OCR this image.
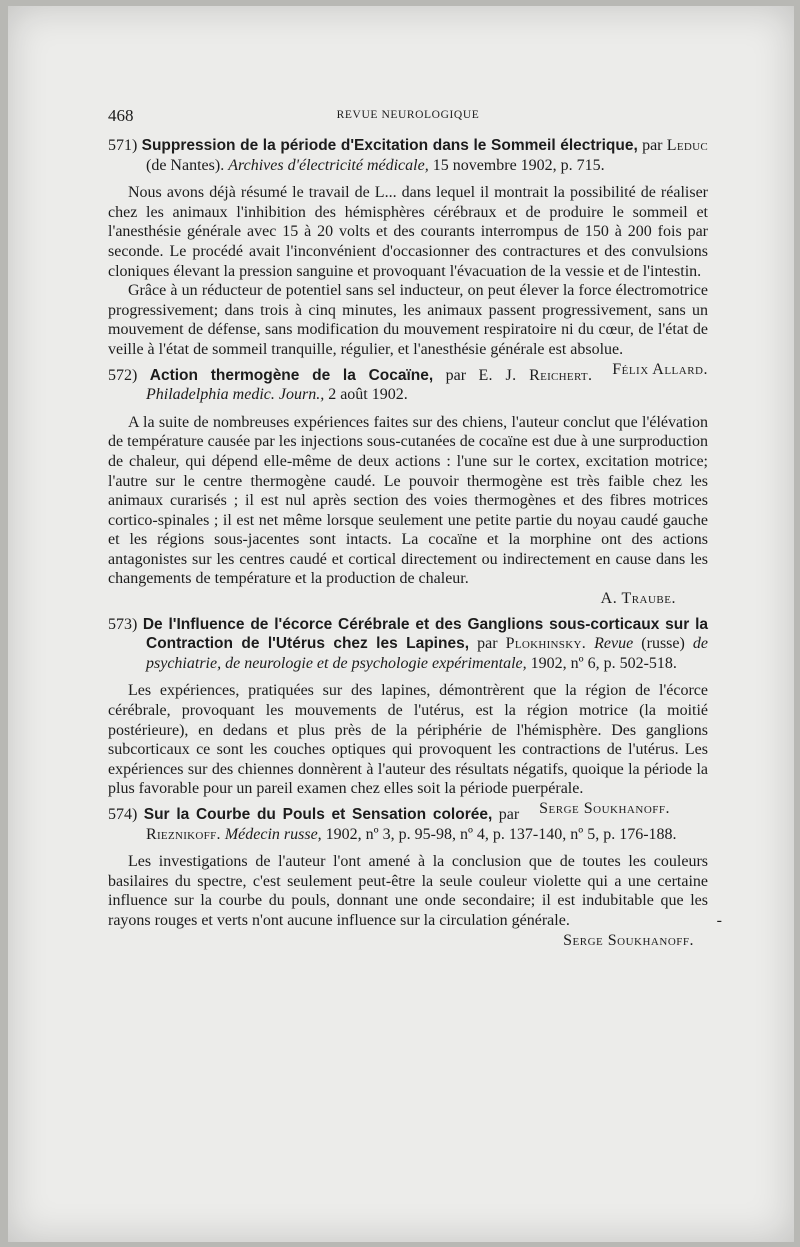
468	REVUE NEUROLOGIQUE

571) Suppression de la période d'Excitation dans le Sommeil électrique, par Leduc (de Nantes). Archives d'électricité médicale, 15 novembre 1902, p. 715.

Nous avons déjà résumé le travail de L... dans lequel il montrait la possibilité de réaliser chez les animaux l'inhibition des hémisphères cérébraux et de produire le sommeil et l'anesthésie générale avec 15 à 20 volts et des courants interrompus de 150 à 200 fois par seconde. Le procédé avait l'inconvénient d'occasionner des contractures et des convulsions cloniques élevant la pression sanguine et provoquant l'évacuation de la vessie et de l'intestin.

Grâce à un réducteur de potentiel sans sel inducteur, on peut élever la force électromotrice progressivement; dans trois à cinq minutes, les animaux passent progressivement, sans un mouvement de défense, sans modification du mouvement respiratoire ni du cœur, de l'état de veille à l'état de sommeil tranquille, régulier, et l'anesthésie générale est absolue.
Félix Allard.

572) Action thermogène de la Cocaïne, par E. J. Reichert. Philadelphia medic. Journ., 2 août 1902.

A la suite de nombreuses expériences faites sur des chiens, l'auteur conclut que l'élévation de température causée par les injections sous-cutanées de cocaïne est due à une surproduction de chaleur, qui dépend elle-même de deux actions : l'une sur le cortex, excitation motrice; l'autre sur le centre thermogène caudé. Le pouvoir thermogène est très faible chez les animaux curarisés ; il est nul après section des voies thermogènes et des fibres motrices cortico-spinales ; il est net même lorsque seulement une petite partie du noyau caudé gauche et les régions sous-jacentes sont intacts. La cocaïne et la morphine ont des actions antagonistes sur les centres caudé et cortical directement ou indirectement en cause dans les changements de température et la production de chaleur.

A. Traube.

573) De l'Influence de l'écorce Cérébrale et des Ganglions sous-corticaux sur la Contraction de l'Utérus chez les Lapines, par Plokhinsky. Revue (russe) de psychiatrie, de neurologie et de psychologie expérimentale, 1902, nº 6, p. 502-518.

Les expériences, pratiquées sur des lapines, démontrèrent que la région de l'écorce cérébrale, provoquant les mouvements de l'utérus, est la région motrice (la moitié postérieure), en dedans et plus près de la périphérie de l'hémisphère. Des ganglions subcorticaux ce sont les couches optiques qui provoquent les contractions de l'utérus. Les expériences sur des chiennes donnèrent à l'auteur des résultats négatifs, quoique la période la plus favorable pour un pareil examen chez elles soit la période puerpérale.
Serge Soukhanoff.

574) Sur la Courbe du Pouls et Sensation colorée, par Rieznikoff. Médecin russe, 1902, nº 3, p. 95-98, nº 4, p. 137-140, nº 5, p. 176-188.

Les investigations de l'auteur l'ont amené à la conclusion que de toutes les couleurs basilaires du spectre, c'est seulement peut-être la seule couleur violette qui a une certaine influence sur la courbe du pouls, donnant une onde secondaire; il est indubitable que les rayons rouges et verts n'ont aucune influence sur la circulation générale.	-
Serge Soukhanoff.
